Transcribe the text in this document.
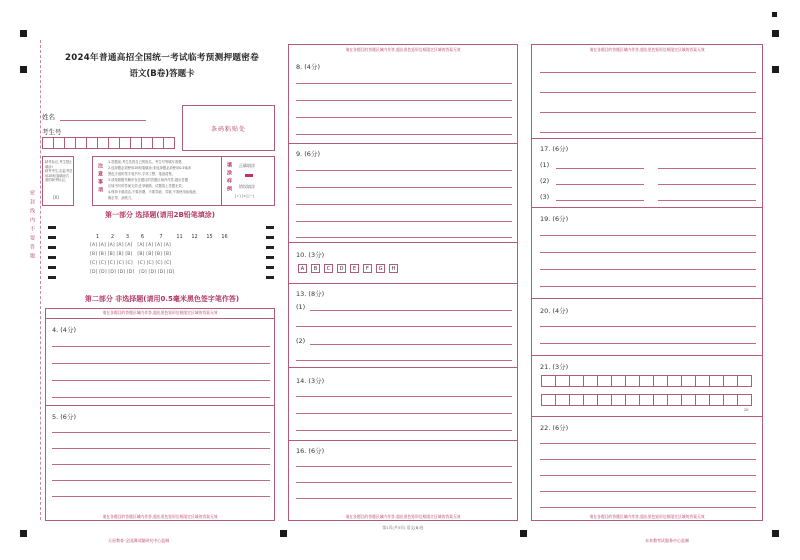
密封线内不要答题
2024年普通高招全国统一考试临考预测押题密卷
语文(B卷)答题卡
姓名
考生号	条码粘贴处
缺考标记,考生禁止填涂!
缺考考生,由监考员用2B铅笔填涂右
面的缺考标记。
[X]
注意事项
1.答题前,考生先将自己的姓名、考生号等填写清楚。
2.选择题必须使用2B铅笔填涂;非选择题必须使用0.5毫米
黑色字迹的签字笔书写,字体工整、笔迹清楚。
3.请按照题号顺序在各题目的答题区域内作答,超出答题
区域书写的答案无效;在草稿纸、试题卷上答题无效。
4.保持卡面清洁,不要折叠、不要弄破、弄皱,不准使用涂改液、
修正带、刮纸刀。
填涂样例 正确填涂
错误填涂
[✓] [×] [−]
第一部分 选择题(请用2B铅笔填涂)
1 2 3 6	7	11 12 15 16
[A] [A] [A] [A] [A]   [A] [A] [A] [A]
[B] [B] [B] [B] [B]   [B] [B] [B] [B]
[C] [C] [C] [C] [C]   [C] [C] [C] [C]
[D] [D] [D] [D] [D]   [D] [D] [D] [D]
第二部分 非选择题(请用0.5毫米黑色签字笔作答)
请在各题目的答题区域内作答,超出黑色矩形边框限定区域的答案无效
4. (4分)
5. (6分)
请在各题目的答题区域内作答,超出黑色矩形边框限定区域的答案无效
请在各题目的答题区域内作答,超出黑色矩形边框限定区域的答案无效
8. (4分)
9. (6分)
10. (3分)
A	B	C	D	E	F	G	H
13. (8分)
(1)
(2)
14. (3分)
16. (6分)
请在各题目的答题区域内作答,超出黑色矩形边框限定区域的答案无效
请在各题目的答题区域内作答,超出黑色矩形边框限定区域的答案无效
17. (6分)
(1)
(2)
(3)
19. (6分)
20. (4分)
21. (3分)
20
22. (6分)
请在各题目的答题区域内作答,超出黑色矩形边框限定区域的答案无效
天星教育·全国测试题研究中心监制
第1页(共3页) 语文(B)卷
未来教考试服务中心监制
